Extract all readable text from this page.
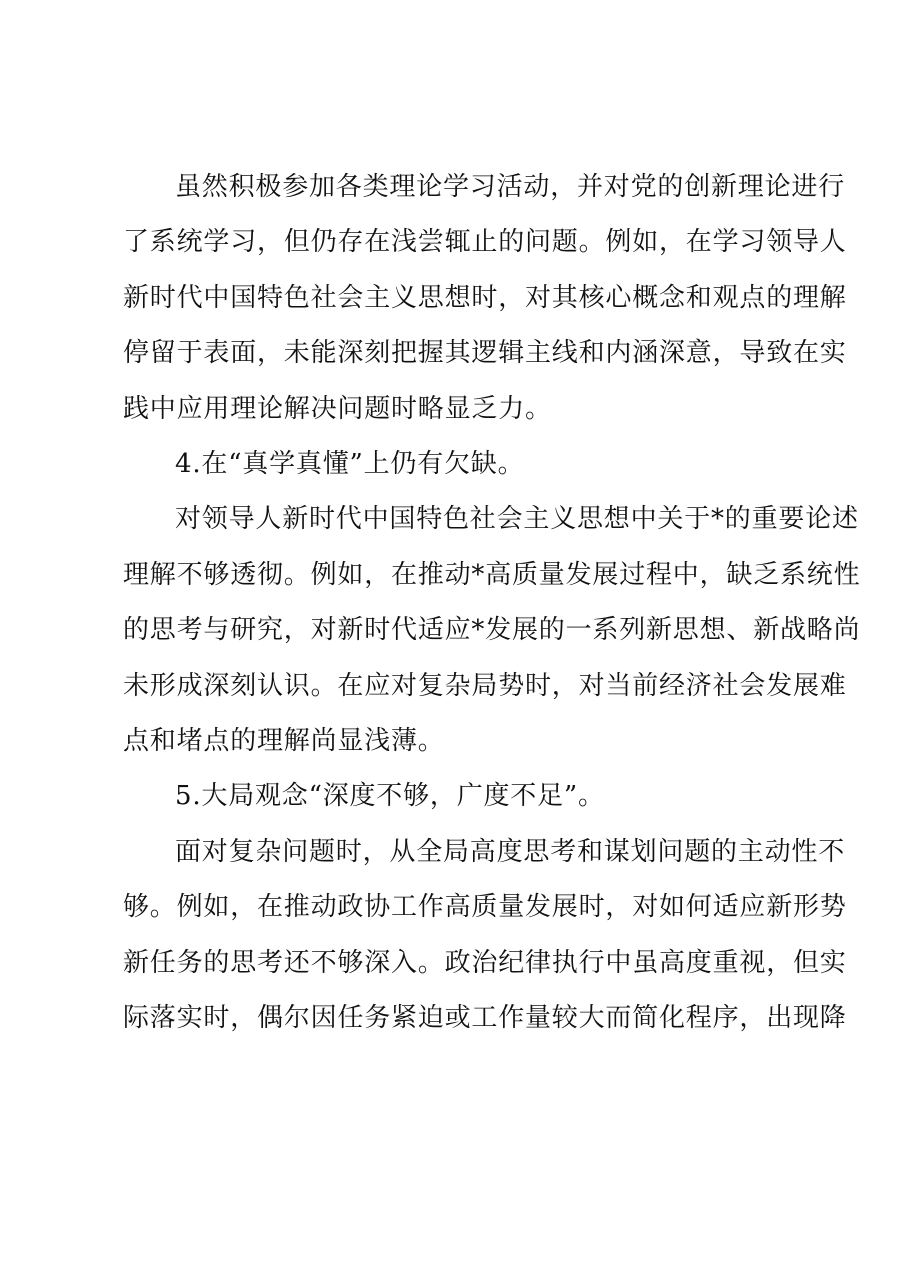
虽然积极参加各类理论学习活动，并对党的创新理论进行
了系统学习，但仍存在浅尝辄止的问题。例如，在学习领导人
新时代中国特色社会主义思想时，对其核心概念和观点的理解
停留于表面，未能深刻把握其逻辑主线和内涵深意，导致在实
践中应用理论解决问题时略显乏力。

4.在“真学真懂”上仍有欠缺。

对领导人新时代中国特色社会主义思想中关于*的重要论述
理解不够透彻。例如，在推动*高质量发展过程中，缺乏系统性
的思考与研究，对新时代适应*发展的一系列新思想、新战略尚
未形成深刻认识。在应对复杂局势时，对当前经济社会发展难
点和堵点的理解尚显浅薄。

5.大局观念“深度不够，广度不足”。

面对复杂问题时，从全局高度思考和谋划问题的主动性不
够。例如，在推动政协工作高质量发展时，对如何适应新形势
新任务的思考还不够深入。政治纪律执行中虽高度重视，但实
际落实时，偶尔因任务紧迫或工作量较大而简化程序，出现降
